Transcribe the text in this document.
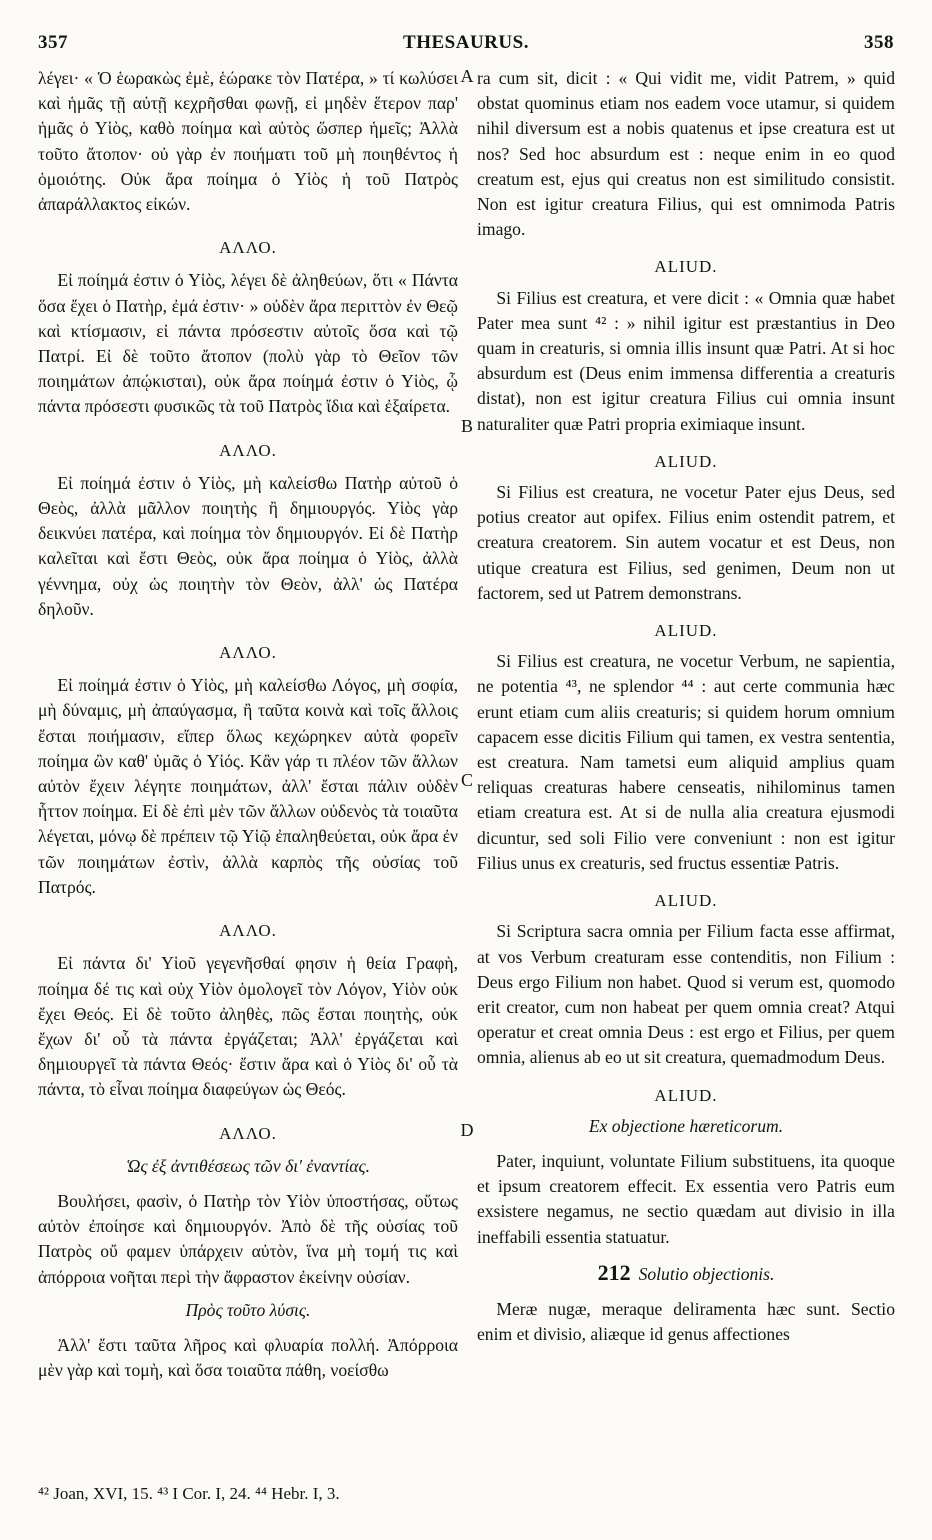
357	THESAURUS.	358
A
B
C
D

λέγει· « Ὁ ἑωρακὼς ἐμὲ, ἑώρακε τὸν Πατέρα, » τί κωλύσει καὶ ἡμᾶς τῇ αὐτῇ κεχρῆσθαι φωνῇ, εἰ μηδὲν ἕτερον παρ' ἡμᾶς ὁ Υἱὸς, καθὸ ποίημα καὶ αὐτὸς ὥσπερ ἡμεῖς; Ἀλλὰ τοῦτο ἄτοπον· οὐ γὰρ ἐν ποιήματι τοῦ μὴ ποιηθέντος ἡ ὁμοιότης. Οὐκ ἄρα ποίημα ὁ Υἱὸς ἡ τοῦ Πατρὸς ἀπαράλλακτος εἰκών.

ΑΛΛΟ.

Εἰ ποίημά ἐστιν ὁ Υἱὸς, λέγει δὲ ἀληθεύων, ὅτι « Πάντα ὅσα ἔχει ὁ Πατὴρ, ἐμά ἐστιν· » οὐδὲν ἄρα περιττὸν ἐν Θεῷ καὶ κτίσμασιν, εἰ πάντα πρόσεστιν αὐτοῖς ὅσα καὶ τῷ Πατρί. Εἰ δὲ τοῦτο ἄτοπον (πολὺ γὰρ τὸ Θεῖον τῶν ποιημάτων ἀπῴκισται), οὐκ ἄρα ποίημά ἐστιν ὁ Υἱὸς, ᾧ πάντα πρόσεστι φυσικῶς τὰ τοῦ Πατρὸς ἴδια καὶ ἐξαίρετα.

ΑΛΛΟ.

Εἰ ποίημά ἐστιν ὁ Υἱὸς, μὴ καλείσθω Πατὴρ αὐτοῦ ὁ Θεὸς, ἀλλὰ μᾶλλον ποιητὴς ἢ δημιουργός. Υἱὸς γὰρ δεικνύει πατέρα, καὶ ποίημα τὸν δημιουργόν. Εἰ δὲ Πατὴρ καλεῖται καὶ ἔστι Θεὸς, οὐκ ἄρα ποίημα ὁ Υἱὸς, ἀλλὰ γέννημα, οὐχ ὡς ποιητὴν τὸν Θεὸν, ἀλλ' ὡς Πατέρα δηλοῦν.

ΑΛΛΟ.

Εἰ ποίημά ἐστιν ὁ Υἱὸς, μὴ καλείσθω Λόγος, μὴ σοφία, μὴ δύναμις, μὴ ἀπαύγασμα, ἢ ταῦτα κοινὰ καὶ τοῖς ἄλλοις ἔσται ποιήμασιν, εἴπερ ὅλως κεχώρηκεν αὐτὰ φορεῖν ποίημα ὢν καθ' ὑμᾶς ὁ Υἱός. Κἂν γάρ τι πλέον τῶν ἄλλων αὐτὸν ἔχειν λέγητε ποιημάτων, ἀλλ' ἔσται πάλιν οὐδὲν ἧττον ποίημα. Εἰ δὲ ἐπὶ μὲν τῶν ἄλλων οὐδενὸς τὰ τοιαῦτα λέγεται, μόνῳ δὲ πρέπειν τῷ Υἱῷ ἐπαληθεύεται, οὐκ ἄρα ἐν τῶν ποιημάτων ἐστὶν, ἀλλὰ καρπὸς τῆς οὐσίας τοῦ Πατρός.

ΑΛΛΟ.

Εἰ πάντα δι' Υἱοῦ γεγενῆσθαί φησιν ἡ θεία Γραφὴ, ποίημα δέ τις καὶ οὐχ Υἱὸν ὁμολογεῖ τὸν Λόγον, Υἱὸν οὐκ ἔχει Θεός. Εἰ δὲ τοῦτο ἀληθὲς, πῶς ἔσται ποιητὴς, οὐκ ἔχων δι' οὗ τὰ πάντα ἐργάζεται; Ἀλλ' ἐργάζεται καὶ δημιουργεῖ τὰ πάντα Θεός· ἔστιν ἄρα καὶ ὁ Υἱὸς δι' οὗ τὰ πάντα, τὸ εἶναι ποίημα διαφεύγων ὡς Θεός.

ΑΛΛΟ.
Ὡς ἐξ ἀντιθέσεως τῶν δι' ἐναντίας.

Βουλήσει, φασὶν, ὁ Πατὴρ τὸν Υἱὸν ὑποστήσας, οὕτως αὐτὸν ἐποίησε καὶ δημιουργόν. Ἀπὸ δὲ τῆς οὐσίας τοῦ Πατρὸς οὔ φαμεν ὑπάρχειν αὐτὸν, ἵνα μὴ τομή τις καὶ ἀπόρροια νοῆται περὶ τὴν ἄφραστον ἐκείνην οὐσίαν.

Πρὸς τοῦτο λύσις.

Ἀλλ' ἔστι ταῦτα λῆρος καὶ φλυαρία πολλή. Ἀπόρροια μὲν γὰρ καὶ τομὴ, καὶ ὅσα τοιαῦτα πάθη, νοείσθω

ra cum sit, dicit : « Qui vidit me, vidit Patrem, » quid obstat quominus etiam nos eadem voce utamur, si quidem nihil diversum est a nobis quatenus et ipse creatura est ut nos? Sed hoc absurdum est : neque enim in eo quod creatum est, ejus qui creatus non est similitudo consistit. Non est igitur creatura Filius, qui est omnimoda Patris imago.

ALIUD.

Si Filius est creatura, et vere dicit : « Omnia quæ habet Pater mea sunt ⁴² : » nihil igitur est præstantius in Deo quam in creaturis, si omnia illis insunt quæ Patri. At si hoc absurdum est (Deus enim immensa differentia a creaturis distat), non est igitur creatura Filius cui omnia insunt naturaliter quæ Patri propria eximiaque insunt.

ALIUD.

Si Filius est creatura, ne vocetur Pater ejus Deus, sed potius creator aut opifex. Filius enim ostendit patrem, et creatura creatorem. Sin autem vocatur et est Deus, non utique creatura est Filius, sed genimen, Deum non ut factorem, sed ut Patrem demonstrans.

ALIUD.

Si Filius est creatura, ne vocetur Verbum, ne sapientia, ne potentia ⁴³, ne splendor ⁴⁴ : aut certe communia hæc erunt etiam cum aliis creaturis; si quidem horum omnium capacem esse dicitis Filium qui tamen, ex vestra sententia, est creatura. Nam tametsi eum aliquid amplius quam reliquas creaturas habere censeatis, nihilominus tamen etiam creatura est. At si de nulla alia creatura ejusmodi dicuntur, sed soli Filio vere conveniunt : non est igitur Filius unus ex creaturis, sed fructus essentiæ Patris.

ALIUD.

Si Scriptura sacra omnia per Filium facta esse affirmat, at vos Verbum creaturam esse contenditis, non Filium : Deus ergo Filium non habet. Quod si verum est, quomodo erit creator, cum non habeat per quem omnia creat? Atqui operatur et creat omnia Deus : est ergo et Filius, per quem omnia, alienus ab eo ut sit creatura, quemadmodum Deus.

ALIUD.
Ex objectione hæreticorum.

Pater, inquiunt, voluntate Filium substituens, ita quoque et ipsum creatorem effecit. Ex essentia vero Patris eum exsistere negamus, ne sectio quædam aut divisio in illa ineffabili essentia statuatur.

212 Solutio objectionis.

Meræ nugæ, meraque deliramenta hæc sunt. Sectio enim et divisio, aliæque id genus affectiones

⁴² Joan, XVI, 15. ⁴³ I Cor. I, 24. ⁴⁴ Hebr. I, 3.
